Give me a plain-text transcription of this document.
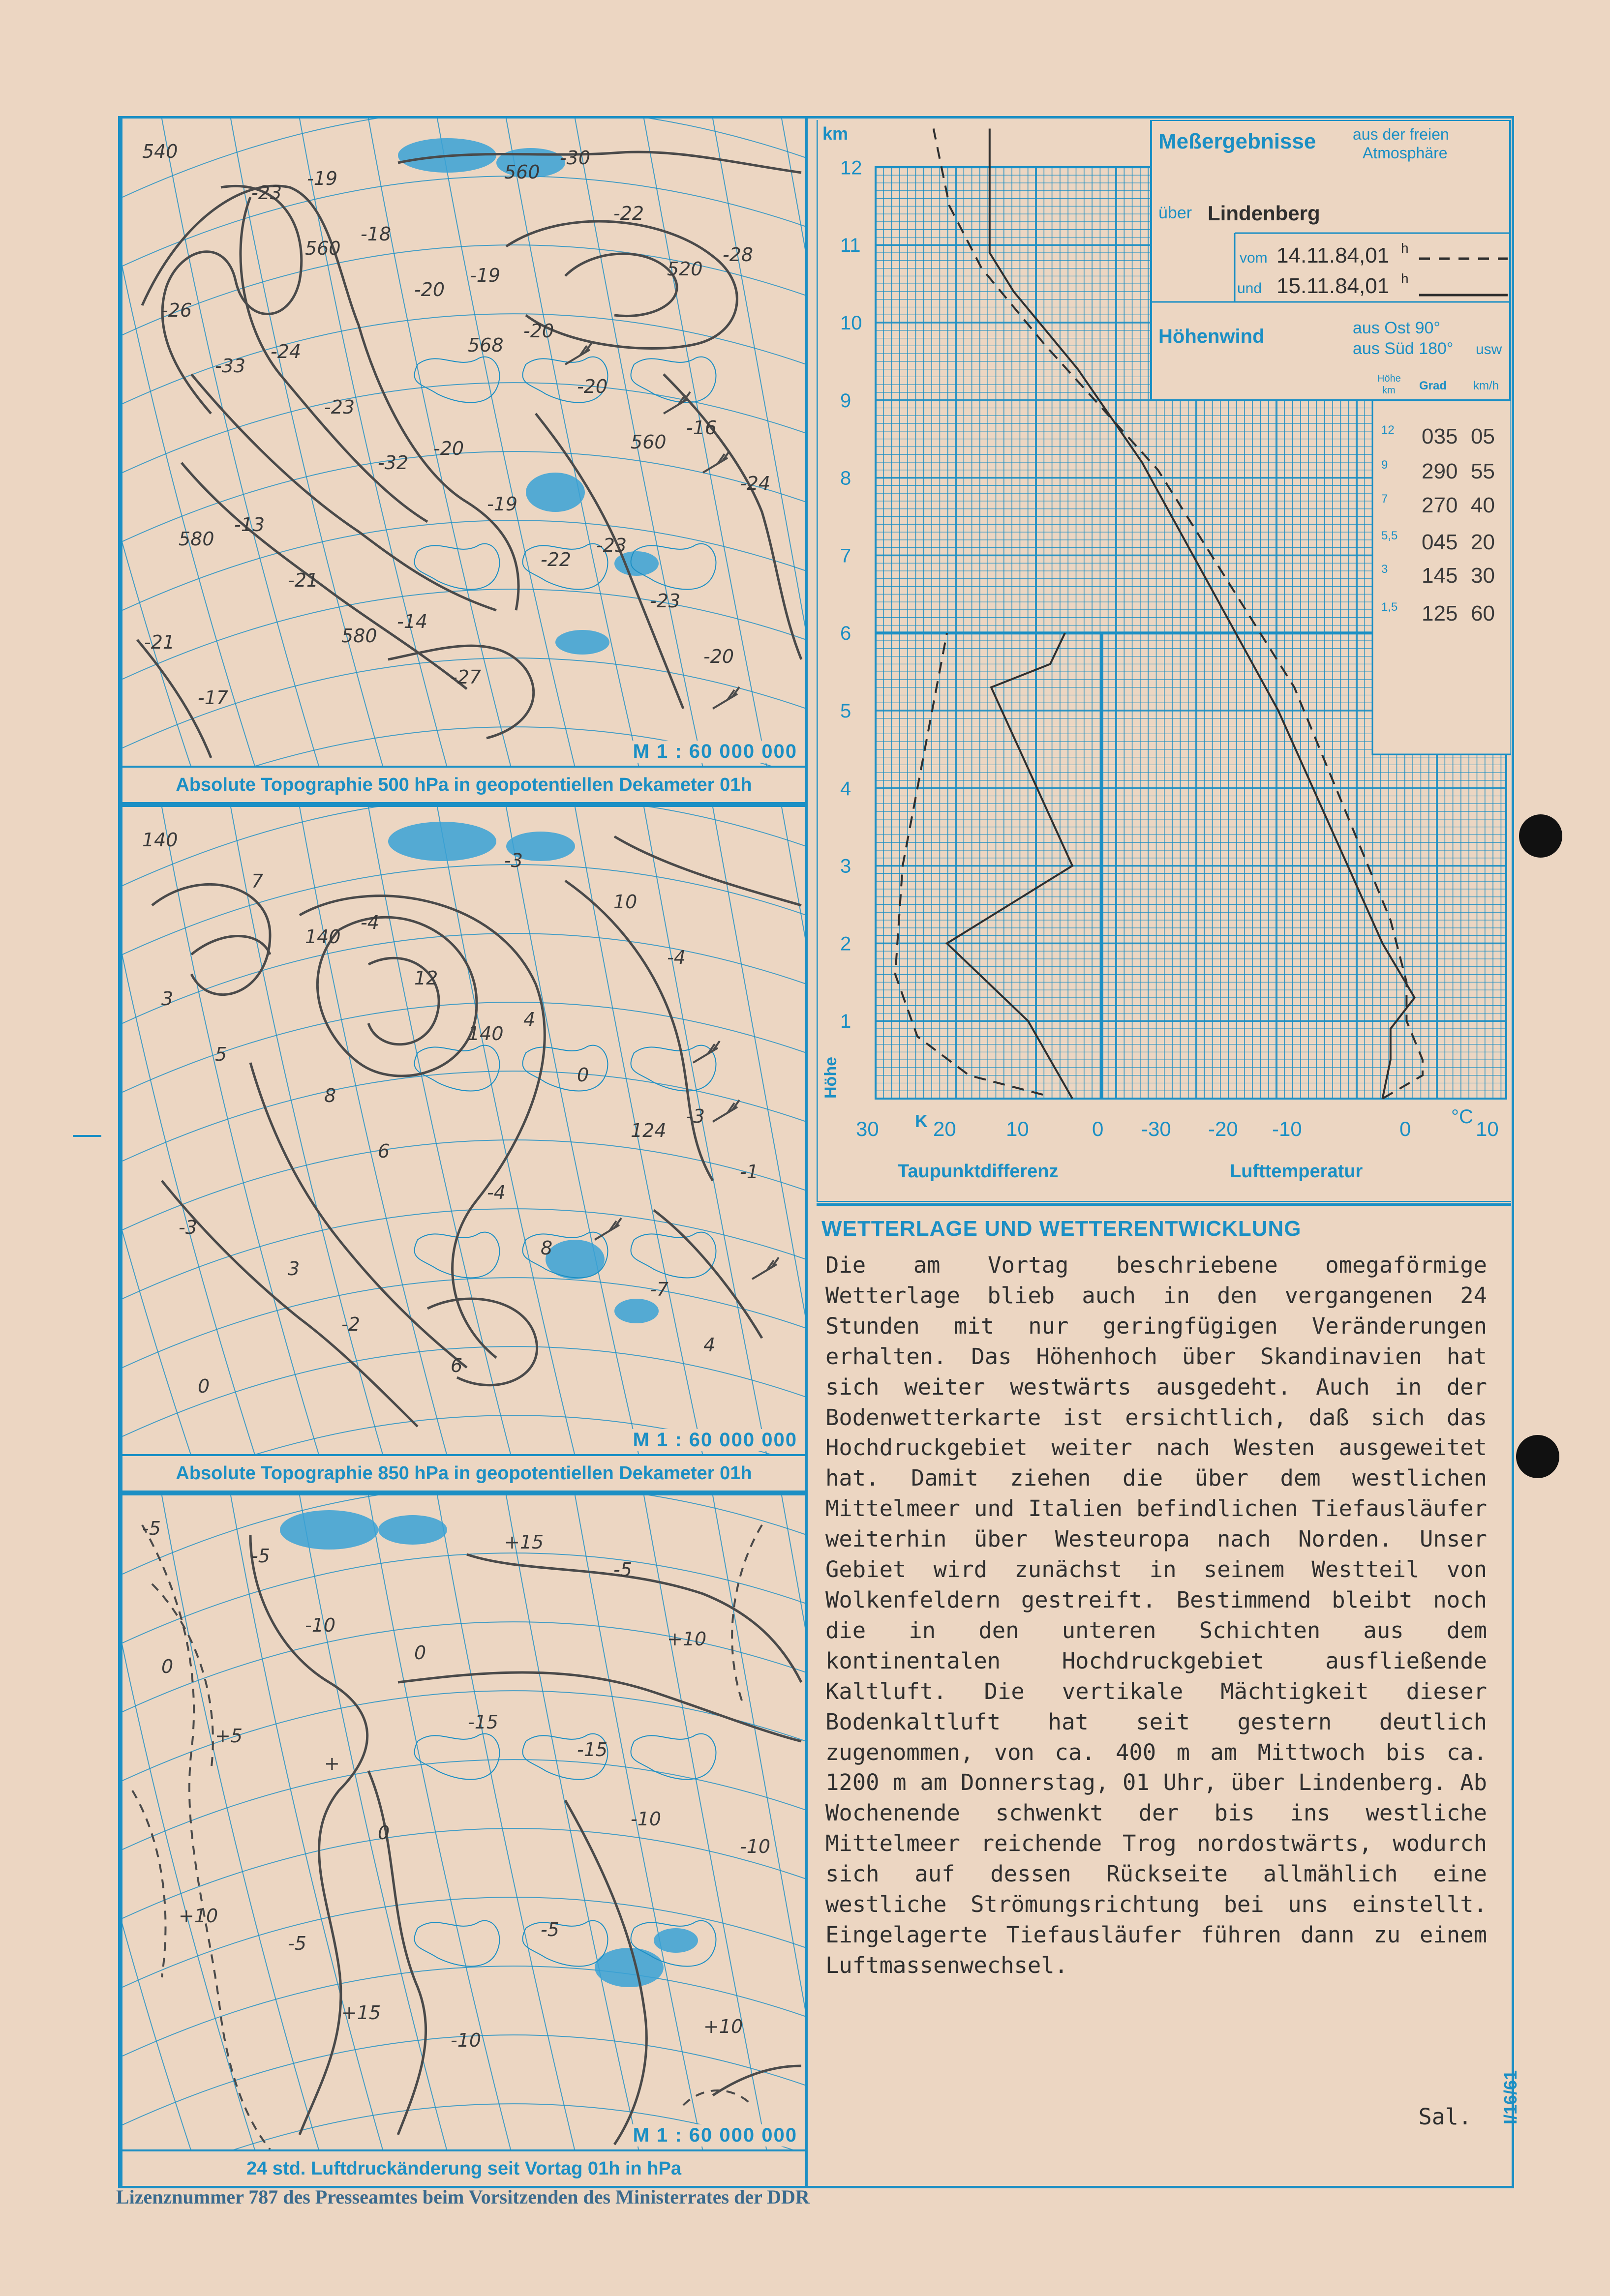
540
560
568
560
580
580
560
520
-33
-32
-22
-20
-23
-20
-20
-24
-21
-27
-22
-26
-23
-19
-23
-17
-18
-20
-16
-13
-14
-30
-28
-24
-20
-23
-21
-19
-19
M 1 : 60 000 000
Absolute Topographie 500 hPa in geopotentiellen Dekameter 01h
140
140
140
124
-3
-2
-3
-4
5
6
8
4
7
12
0
-1
3
6
10
3
8
-4
-7
0
-4
4
-3
M 1 : 60 000 000
Absolute Topographie 850 hPa in geopotentiellen Dekameter 01h
-5
-10
-15
-10
+10
+15
+15
+10
+5
0
-5
+10
-5
0
-15
-10
-5
-10
-5
0
+
M 1 : 60 000 000
24 std. Luftdruckänderung seit Vortag 01h in hPa
Meßergebnisse aus der freien
Atmosphäre
über Lindenberg
vom 14.11.84,01 h
und 15.11.84,01 h
Höhenwind	aus Ost 90°
aus Süd 180° usw
Höhe
km Grad km/h
12 035 05
9 290 55
7 270 40
5,5 045 20
3 145 30
1,5 125 60
km
12
11
10
9
8
7
6
5
4
3
2
1
Höhe
30	20 10	0
K	-30 -20 -10	0	10
°C
Taupunktdifferenz	Lufttemperatur
WETTERLAGE UND WETTERENTWICKLUNG
Die am Vortag beschriebene omegaförmige Wetterlage blieb auch in den vergangenen 24 Stunden mit nur geringfügigen Veränderungen erhalten. Das Höhenhoch über Skandinavien hat sich weiter westwärts ausgedeht. Auch in der Bodenwetterkarte ist ersichtlich, daß sich das Hochdruckgebiet weiter nach Westen ausgeweitet hat. Damit ziehen die über dem westlichen Mittelmeer und Italien befindlichen Tiefausläufer weiterhin über Westeuropa nach Norden. Unser Gebiet wird zunächst in seinem Westteil von Wolkenfeldern gestreift. Bestimmend bleibt noch die in den unteren Schichten aus dem kontinentalen Hochdruckgebiet ausfließende Kaltluft. Die vertikale Mächtigkeit dieser Bodenkaltluft hat seit gestern deutlich zugenommen, von ca. 400 m am Mittwoch bis ca. 1200 m am Donnerstag, 01 Uhr, über Lindenberg. Ab Wochenende schwenkt der bis ins westliche Mittelmeer reichende Trog nordostwärts, wodurch sich auf dessen Rückseite allmählich eine westliche Strömungsrichtung bei uns einstellt. Eingelagerte Tiefausläufer führen dann zu einem Luftmassenwechsel.
Sal.
Lizenznummer 787 des Presseamtes beim Vorsitzenden des Ministerrates der DDR
I/16/61
